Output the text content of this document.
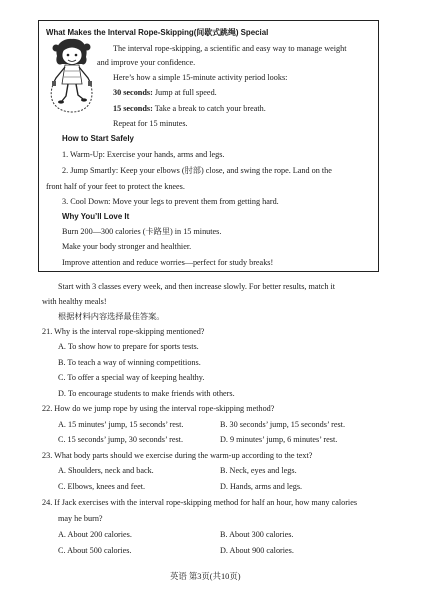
What Makes the Interval Rope-Skipping(间歇式跳绳) Special
The interval rope-skipping, a scientific and easy way to manage weight
and improve your confidence.
Here’s how a simple 15-minute activity period looks:
30 seconds: Jump at full speed.
15 seconds: Take a break to catch your breath.
Repeat for 15 minutes.
How to Start Safely
1. Warm-Up: Exercise your hands, arms and legs.
2. Jump Smartly: Keep your elbows (肘部) close, and swing the rope. Land on the
front half of your feet to protect the knees.
3. Cool Down: Move your legs to prevent them from getting hard.
Why You’ll Love It
Burn 200—300 calories (卡路里) in 15 minutes.
Make your body stronger and healthier.
Improve attention and reduce worries—perfect for study breaks!
Start with 3 classes every week, and then increase slowly. For better results, match it
with healthy meals!
根据材料内容选择最佳答案。
21. Why is the interval rope-skipping mentioned?
A. To show how to prepare for sports tests.
B. To teach a way of winning competitions.
C. To offer a special way of keeping healthy.
D. To encourage students to make friends with others.
22. How do we jump rope by using the interval rope-skipping method?
A. 15 minutes’ jump, 15 seconds’ rest.	B. 30 seconds’ jump, 15 seconds’ rest.
C. 15 seconds’ jump, 30 seconds’ rest.	D. 9 minutes’ jump, 6 minutes’ rest.
23. What body parts should we exercise during the warm-up according to the text?
A. Shoulders, neck and back.	B. Neck, eyes and legs.
C. Elbows, knees and feet.	D. Hands, arms and legs.
24. If Jack exercises with the interval rope-skipping method for half an hour, how many calories
may he burn?
A. About 200 calories.	B. About 300 calories.
C. About 500 calories.	D. About 900 calories.
英语 第3页(共10页)
